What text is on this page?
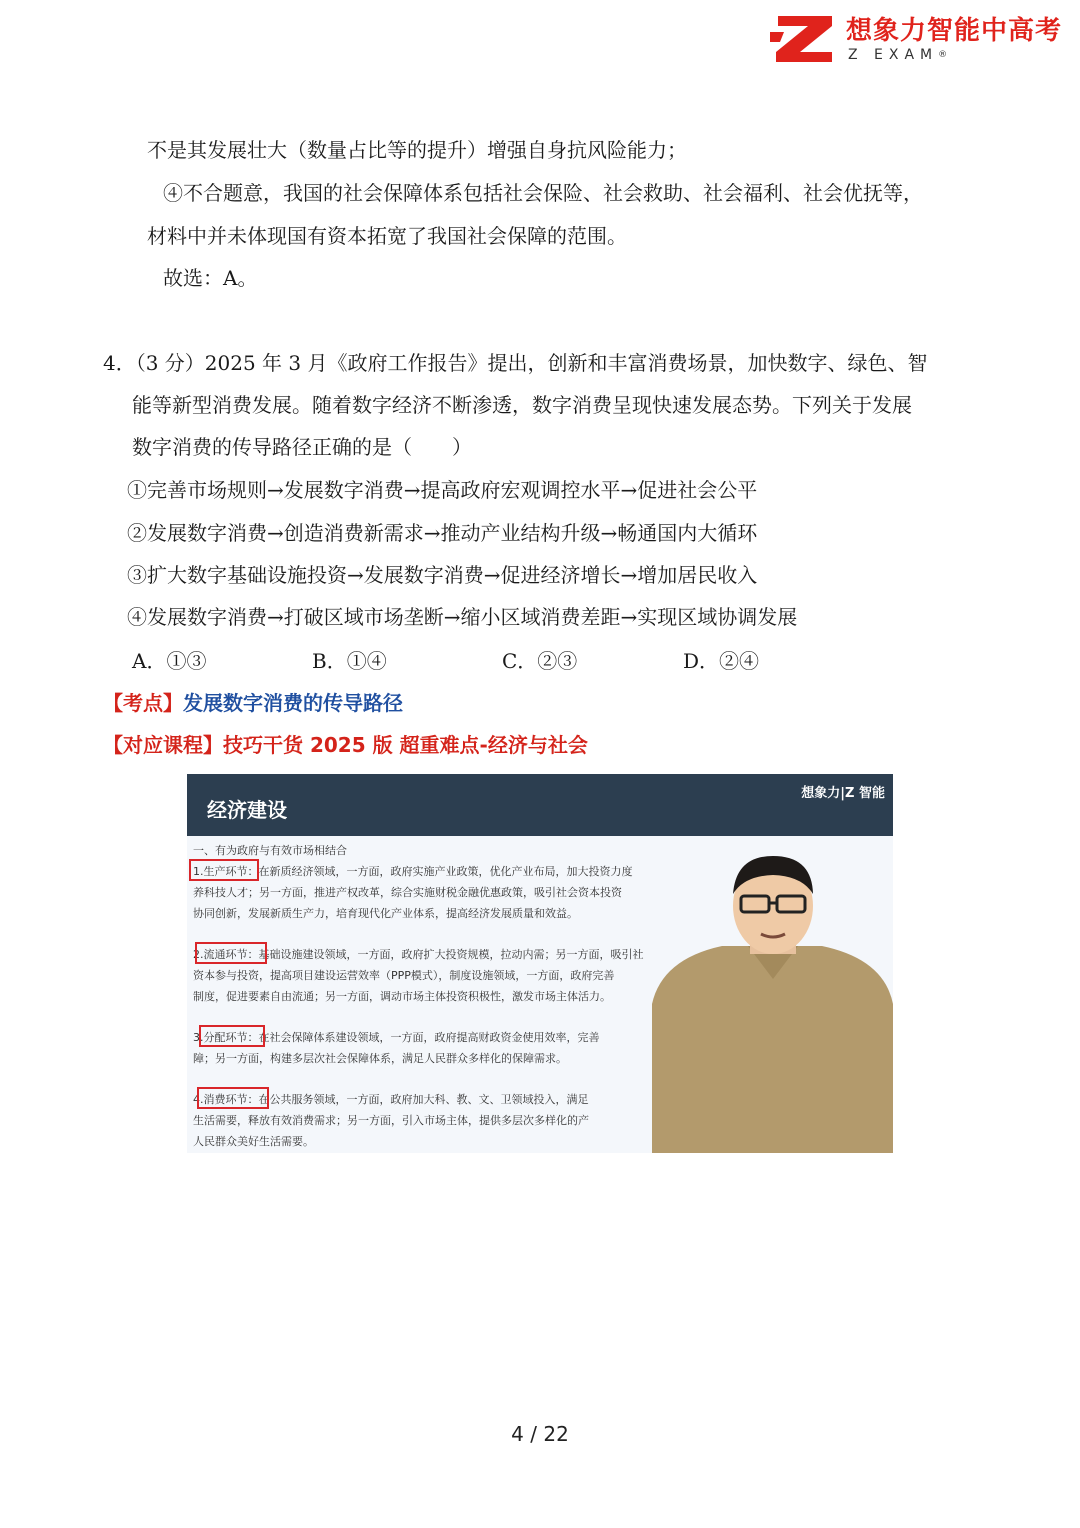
想象力智能中高考
Z EXAM®
不是其发展壮大（数量占比等的提升）增强自身抗风险能力；
④不合题意，我国的社会保障体系包括社会保险、社会救助、社会福利、社会优抚等，
材料中并未体现国有资本拓宽了我国社会保障的范围。
故选：A。
4．（3 分）2025 年 3 月《政府工作报告》提出，创新和丰富消费场景，加快数字、绿色、智
能等新型消费发展。随着数字经济不断渗透，数字消费呈现快速发展态势。下列关于发展
数字消费的传导路径正确的是（　　）
①完善市场规则→发展数字消费→提高政府宏观调控水平→促进社会公平
②发展数字消费→创造消费新需求→推动产业结构升级→畅通国内大循环
③扩大数字基础设施投资→发展数字消费→促进经济增长→增加居民收入
④发展数字消费→打破区域市场垄断→缩小区域消费差距→实现区域协调发展
A．①③	B．①④	C．②③	D．②④
【考点】发展数字消费的传导路径
【对应课程】技巧干货 2025 版 超重难点-经济与社会
经济建设
想象力|Z 智能
一、有为政府与有效市场相结合
1.生产环节：在新质经济领域，一方面，政府实施产业政策，优化产业布局，加大投资力度
养科技人才；另一方面，推进产权改革，综合实施财税金融优惠政策，吸引社会资本投资
协同创新，发展新质生产力，培育现代化产业体系，提高经济发展质量和效益。
2.流通环节：基础设施建设领域，一方面，政府扩大投资规模，拉动内需；另一方面，吸引社
资本参与投资，提高项目建设运营效率（PPP模式），制度设施领域，一方面，政府完善
制度，促进要素自由流通；另一方面，调动市场主体投资积极性，激发市场主体活力。
3.分配环节：在社会保障体系建设领域，一方面，政府提高财政资金使用效率，完善
障；另一方面，构建多层次社会保障体系，满足人民群众多样化的保障需求。
4.消费环节：在公共服务领域，一方面，政府加大科、教、文、卫领域投入，满足
生活需要，释放有效消费需求；另一方面，引入市场主体，提供多层次多样化的产
人民群众美好生活需要。
4 / 22
